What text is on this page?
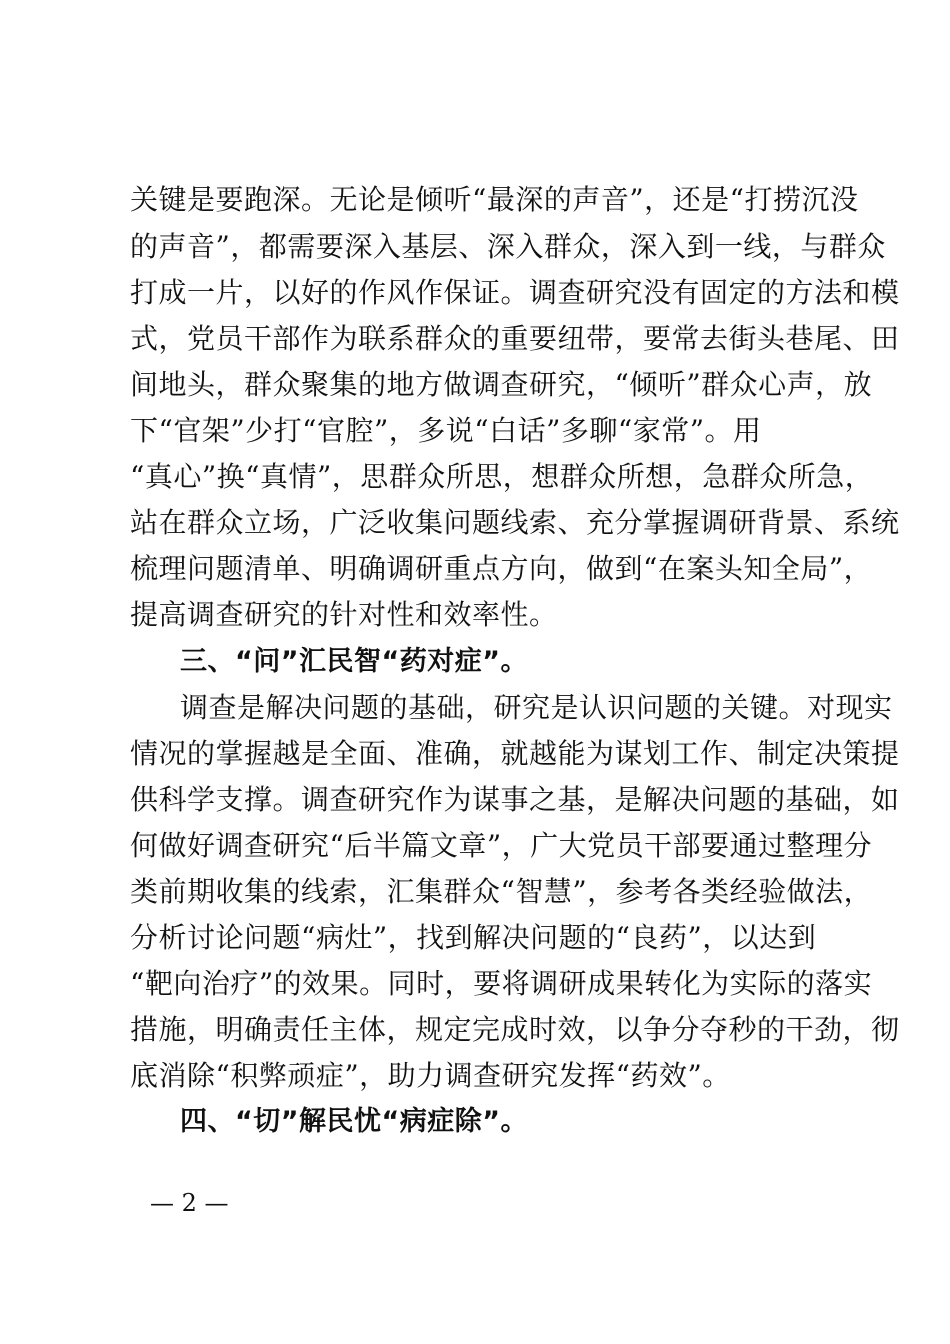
关键是要跑深。无论是倾听“最深的声音”，还是“打捞沉没
的声音”，都需要深入基层、深入群众，深入到一线，与群众
打成一片，以好的作风作保证。调查研究没有固定的方法和模
式，党员干部作为联系群众的重要纽带，要常去街头巷尾、田
间地头，群众聚集的地方做调查研究，“倾听”群众心声，放
下“官架”少打“官腔”，多说“白话”多聊“家常”。用
“真心”换“真情”，思群众所思，想群众所想，急群众所急，
站在群众立场，广泛收集问题线索、充分掌握调研背景、系统
梳理问题清单、明确调研重点方向，做到“在案头知全局”，
提高调查研究的针对性和效率性。
三、“问”汇民智“药对症”。
调查是解决问题的基础，研究是认识问题的关键。对现实
情况的掌握越是全面、准确，就越能为谋划工作、制定决策提
供科学支撑。调查研究作为谋事之基，是解决问题的基础，如
何做好调查研究“后半篇文章”，广大党员干部要通过整理分
类前期收集的线索，汇集群众“智慧”，参考各类经验做法，
分析讨论问题“病灶”，找到解决问题的“良药”，以达到
“靶向治疗”的效果。同时，要将调研成果转化为实际的落实
措施，明确责任主体，规定完成时效，以争分夺秒的干劲，彻
底消除“积弊顽症”，助力调查研究发挥“药效”。
四、“切”解民忧“病症除”。
— 2 —
